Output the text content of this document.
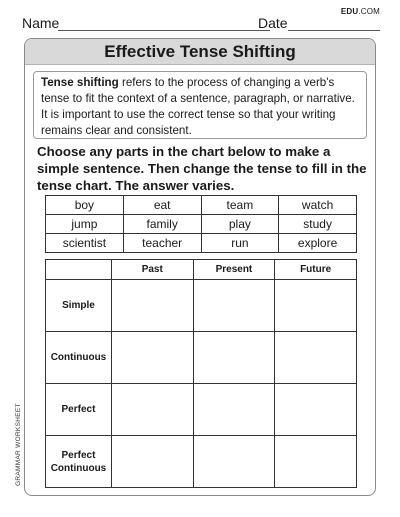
Name	Date
EDU.COM
Effective Tense Shifting
Tense shifting refers to the process of changing a verb's tense to fit the context of a sentence, paragraph, or narrative. It is important to use the correct tense so that your writing remains clear and consistent.
Choose any parts in the chart below to make a simple sentence. Then change the tense to fill in the tense chart. The answer varies.
boy	eat	team	watch
jump	family	play	study
scientist	teacher	run	explore
	Past	Present	Future
Simple			
Continuous			
Perfect			
Perfect Continuous			
GRAMMAR WORKSHEET
